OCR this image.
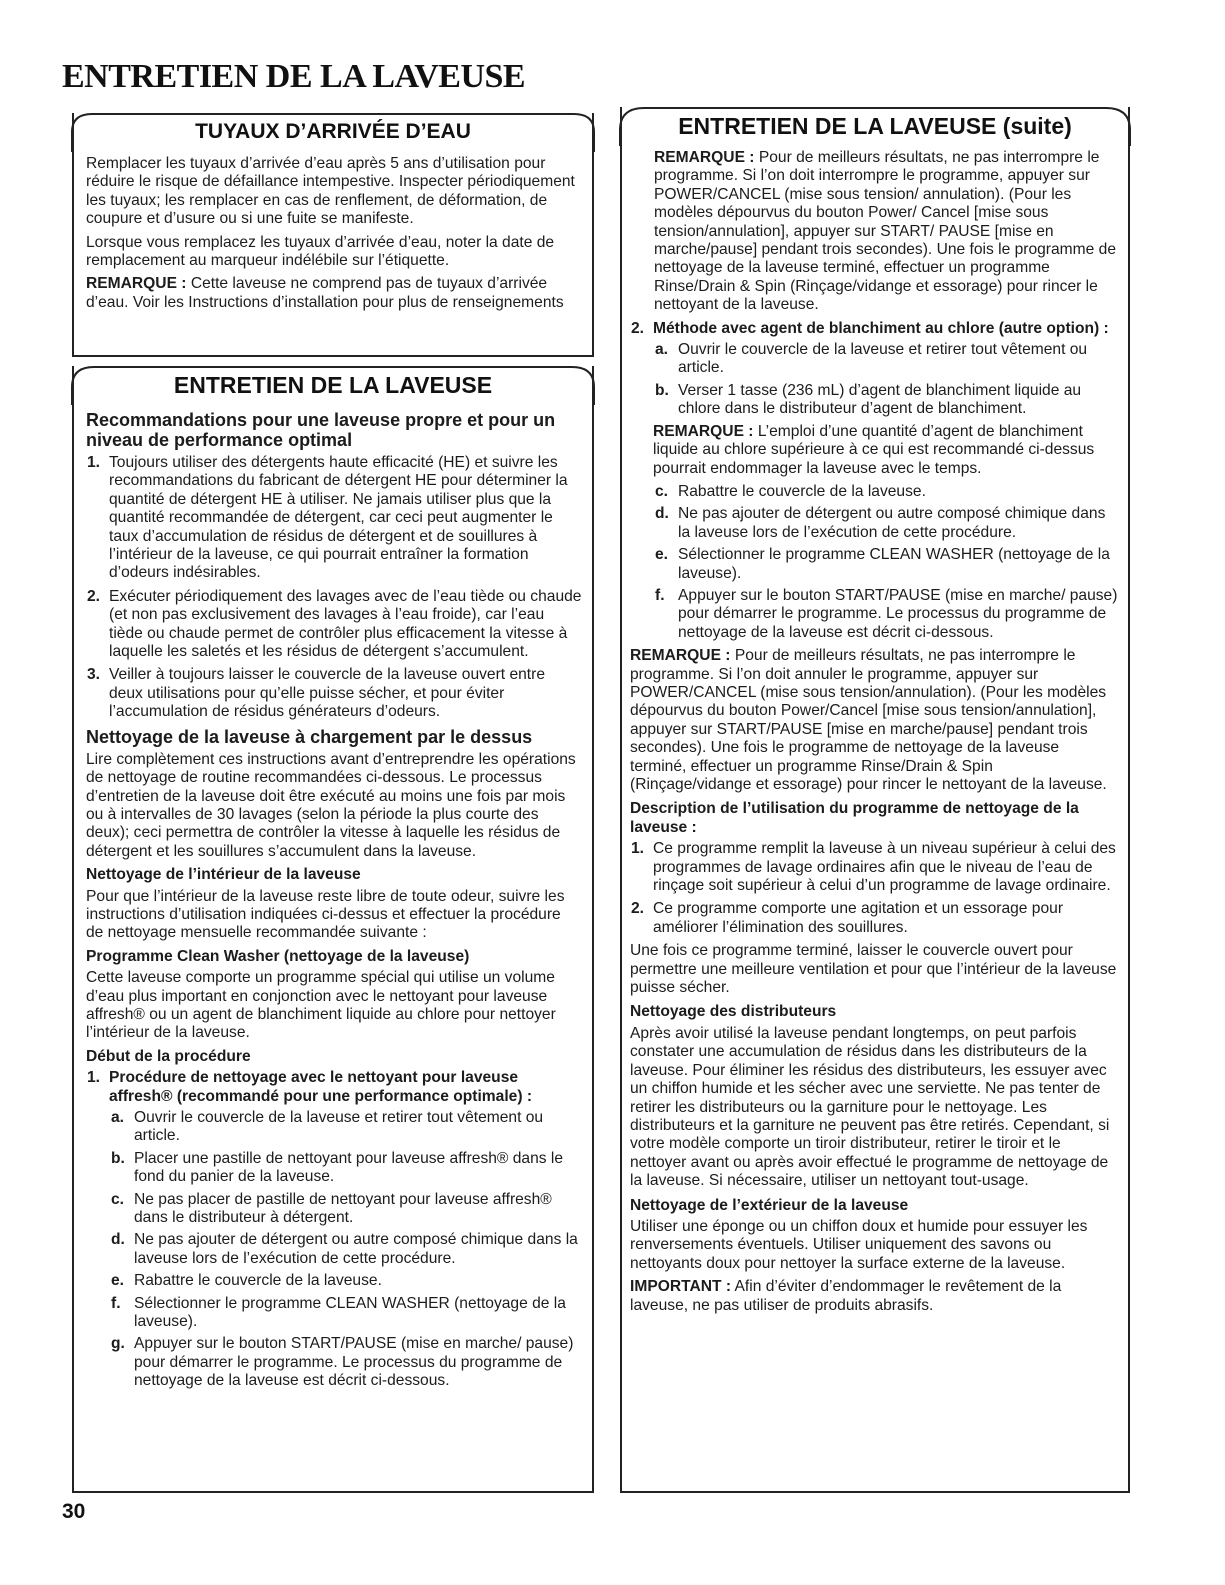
ENTRETIEN DE LA LAVEUSE
TUYAUX D’ARRIVÉE D’EAU
Remplacer les tuyaux d’arrivée d’eau après 5 ans d’utilisation pour réduire le risque de défaillance intempestive. Inspecter périodiquement les tuyaux; les remplacer en cas de renflement, de déformation, de coupure et d’usure ou si une fuite se manifeste.
Lorsque vous remplacez les tuyaux d’arrivée d’eau, noter la date de remplacement au marqueur indélébile sur l’étiquette.
REMARQUE : Cette laveuse ne comprend pas de tuyaux d’arrivée d’eau. Voir les Instructions d’installation pour plus de renseignements
ENTRETIEN DE LA LAVEUSE
Recommandations pour une laveuse propre et pour un niveau de performance optimal
1. Toujours utiliser des détergents haute efficacité (HE) et suivre les recommandations du fabricant de détergent HE pour déterminer la quantité de détergent HE à utiliser. Ne jamais utiliser plus que la quantité recommandée de détergent, car ceci peut augmenter le taux d’accumulation de résidus de détergent et de souillures à l’intérieur de la laveuse, ce qui pourrait entraîner la formation d’odeurs indésirables.
2. Exécuter périodiquement des lavages avec de l’eau tiède ou chaude (et non pas exclusivement des lavages à l’eau froide), car l’eau tiède ou chaude permet de contrôler plus efficacement la vitesse à laquelle les saletés et les résidus de détergent s’accumulent.
3. Veiller à toujours laisser le couvercle de la laveuse ouvert entre deux utilisations pour qu’elle puisse sécher, et pour éviter l’accumulation de résidus générateurs d’odeurs.
Nettoyage de la laveuse à chargement par le dessus
Lire complètement ces instructions avant d’entreprendre les opérations de nettoyage de routine recommandées ci-dessous. Le processus d’entretien de la laveuse doit être exécuté au moins une fois par mois ou à intervalles de 30 lavages (selon la période la plus courte des deux); ceci permettra de contrôler la vitesse à laquelle les résidus de détergent et les souillures s’accumulent dans la laveuse.
Nettoyage de l’intérieur de la laveuse
Pour que l’intérieur de la laveuse reste libre de toute odeur, suivre les instructions d’utilisation indiquées ci-dessus et effectuer la procédure de nettoyage mensuelle recommandée suivante :
Programme Clean Washer (nettoyage de la laveuse)
Cette laveuse comporte un programme spécial qui utilise un volume d’eau plus important en conjonction avec le nettoyant pour laveuse affresh® ou un agent de blanchiment liquide au chlore pour nettoyer l’intérieur de la laveuse.
Début de la procédure
1. Procédure de nettoyage avec le nettoyant pour laveuse affresh® (recommandé pour une performance optimale) :
a. Ouvrir le couvercle de la laveuse et retirer tout vêtement ou article.
b. Placer une pastille de nettoyant pour laveuse affresh® dans le fond du panier de la laveuse.
c. Ne pas placer de pastille de nettoyant pour laveuse affresh® dans le distributeur à détergent.
d. Ne pas ajouter de détergent ou autre composé chimique dans la laveuse lors de l’exécution de cette procédure.
e. Rabattre le couvercle de la laveuse.
f. Sélectionner le programme CLEAN WASHER (nettoyage de la laveuse).
g. Appuyer sur le bouton START/PAUSE (mise en marche/ pause) pour démarrer le programme. Le processus du programme de nettoyage de la laveuse est décrit ci-dessous.
ENTRETIEN DE LA LAVEUSE (suite)
REMARQUE : Pour de meilleurs résultats, ne pas interrompre le programme. Si l’on doit interrompre le programme, appuyer sur POWER/CANCEL (mise sous tension/ annulation). (Pour les modèles dépourvus du bouton Power/ Cancel [mise sous tension/annulation], appuyer sur START/ PAUSE [mise en marche/pause] pendant trois secondes). Une fois le programme de nettoyage de la laveuse terminé, effectuer un programme Rinse/Drain & Spin (Rinçage/vidange et essorage) pour rincer le nettoyant de la laveuse.
2. Méthode avec agent de blanchiment au chlore (autre option) :
a. Ouvrir le couvercle de la laveuse et retirer tout vêtement ou article.
b. Verser 1 tasse (236 mL) d’agent de blanchiment liquide au chlore dans le distributeur d’agent de blanchiment.
REMARQUE : L’emploi d’une quantité d’agent de blanchiment liquide au chlore supérieure à ce qui est recommandé ci-dessus pourrait endommager la laveuse avec le temps.
c. Rabattre le couvercle de la laveuse.
d. Ne pas ajouter de détergent ou autre composé chimique dans la laveuse lors de l’exécution de cette procédure.
e. Sélectionner le programme CLEAN WASHER (nettoyage de la laveuse).
f. Appuyer sur le bouton START/PAUSE (mise en marche/ pause) pour démarrer le programme. Le processus du programme de nettoyage de la laveuse est décrit ci-dessous.
REMARQUE : Pour de meilleurs résultats, ne pas interrompre le programme. Si l’on doit annuler le programme, appuyer sur POWER/CANCEL (mise sous tension/annulation). (Pour les modèles dépourvus du bouton Power/Cancel [mise sous tension/annulation], appuyer sur START/PAUSE [mise en marche/pause] pendant trois secondes). Une fois le programme de nettoyage de la laveuse terminé, effectuer un programme Rinse/Drain & Spin (Rinçage/vidange et essorage) pour rincer le nettoyant de la laveuse.
Description de l’utilisation du programme de nettoyage de la laveuse :
1. Ce programme remplit la laveuse à un niveau supérieur à celui des programmes de lavage ordinaires afin que le niveau de l’eau de rinçage soit supérieur à celui d’un programme de lavage ordinaire.
2. Ce programme comporte une agitation et un essorage pour améliorer l’élimination des souillures.
Une fois ce programme terminé, laisser le couvercle ouvert pour permettre une meilleure ventilation et pour que l’intérieur de la laveuse puisse sécher.
Nettoyage des distributeurs
Après avoir utilisé la laveuse pendant longtemps, on peut parfois constater une accumulation de résidus dans les distributeurs de la laveuse. Pour éliminer les résidus des distributeurs, les essuyer avec un chiffon humide et les sécher avec une serviette. Ne pas tenter de retirer les distributeurs ou la garniture pour le nettoyage. Les distributeurs et la garniture ne peuvent pas être retirés. Cependant, si votre modèle comporte un tiroir distributeur, retirer le tiroir et le nettoyer avant ou après avoir effectué le programme de nettoyage de la laveuse. Si nécessaire, utiliser un nettoyant tout-usage.
Nettoyage de l’extérieur de la laveuse
Utiliser une éponge ou un chiffon doux et humide pour essuyer les renversements éventuels. Utiliser uniquement des savons ou nettoyants doux pour nettoyer la surface externe de la laveuse.
IMPORTANT : Afin d’éviter d’endommager le revêtement de la laveuse, ne pas utiliser de produits abrasifs.
30
